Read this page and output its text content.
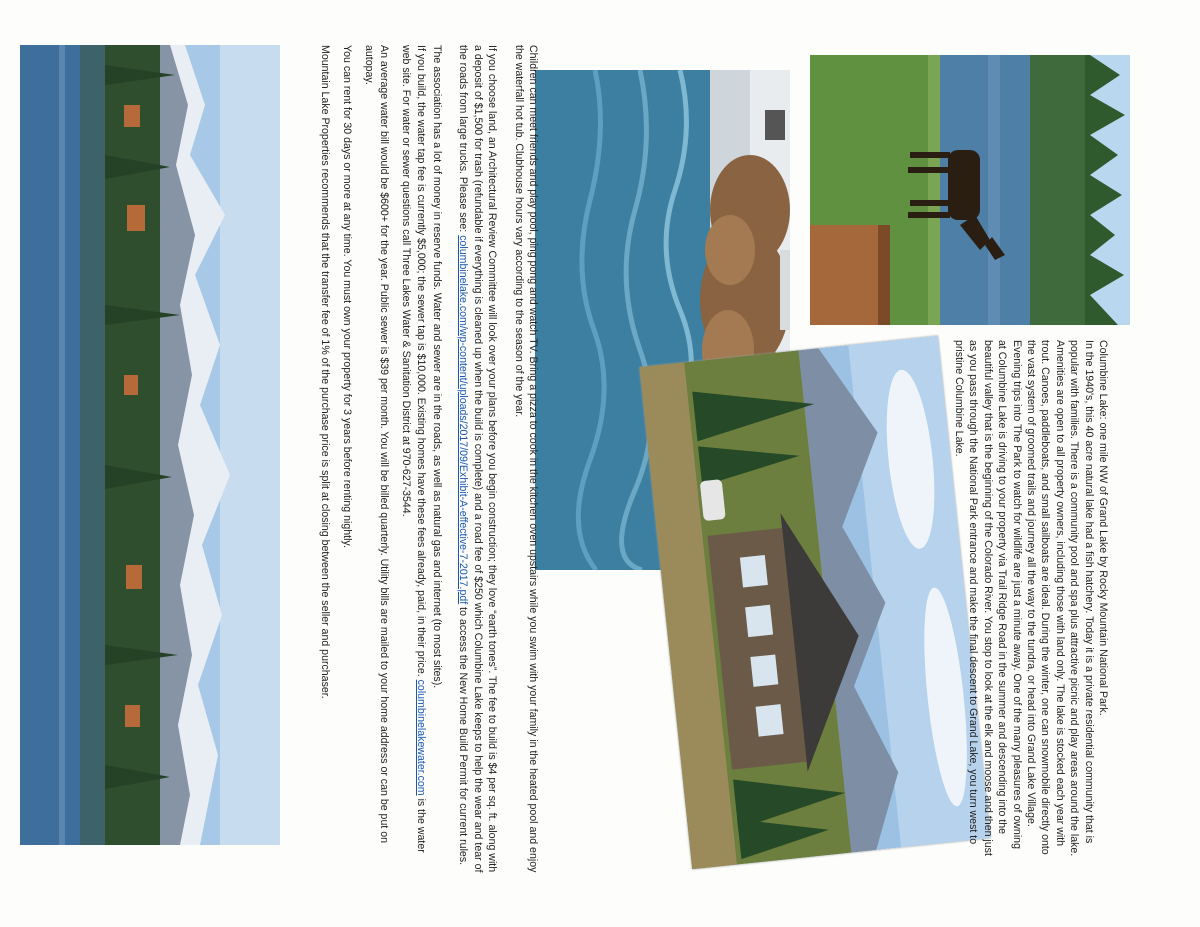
Columbine Lake: one mile NW of Grand Lake by Rocky Mountain National Park.

In the 1940's, this 40 acre natural lake had a fish hatchery. Today it is a private residential community that is popular with families. There is a community pool and spa plus attractive picnic and play areas around the lake. Amenities are open to all property owners, including those with land only. The lake is stocked each year with trout. Canoes, paddleboats, and small sailboats are ideal. During the winter, one can snowmobile directly onto the vast system of groomed trails and journey all the way to the tundra, or head into Grand Lake Village. Evening trips into The Park to watch for wildlife are just a minute away. One of the many pleasures of owning at Columbine Lake is driving to your property via Trail Ridge Road in the summer and descending into the beautiful valley that is the beginning of the Colorado River. You stop to look at the elk and moose and then just as you pass through the National Park entrance and make the final descent to Grand Lake, you turn west to pristine Columbine Lake.

Children can meet friends and play pool, ping pong and watch TV. Bring a pizza to cook in the kitchen oven upstairs while you swim with your family in the heated pool and enjoy the waterfall hot tub. Clubhouse hours vary according to the season of the year.

If you choose land, an Architectural Review Committee will look over your plans before you begin construction; they love “earth tones”. The fee to build is $4 per sq. ft. along with a deposit of $1,500 for trash (refundable if everything is cleaned up when the build is complete) and a road fee of $250 which Columbine Lake keeps to help the wear and tear of the roads from large trucks. Please see: columbinelake.com/wp-content/uploads/2017/09/Exhibit-A-effective-7-2017.pdf to access the New Home Build Permit for current rules.

The association has a lot of money in reserve funds. Water and sewer are in the roads, as well as natural gas and internet (to most sites).

If you build, the water tap fee is currently $5,000; the sewer tap is $10,000. Existing homes have these fees already, paid, in their price. columbinelakewater.com is the water web site. For water or sewer questions call Three Lakes Water & Sanitation District at 970-627-3544.

An average water bill would be $600+ for the year. Public sewer is $39 per month. You will be billed quarterly. Utility bills are mailed to your home address or can be put on autopay.

You can rent for 30 days or more at any time. You must own your property for 3 years before renting nightly.

Mountain Lake Properties recommends that the transfer fee of 1% of the purchase price is split at closing between the seller and purchaser.
